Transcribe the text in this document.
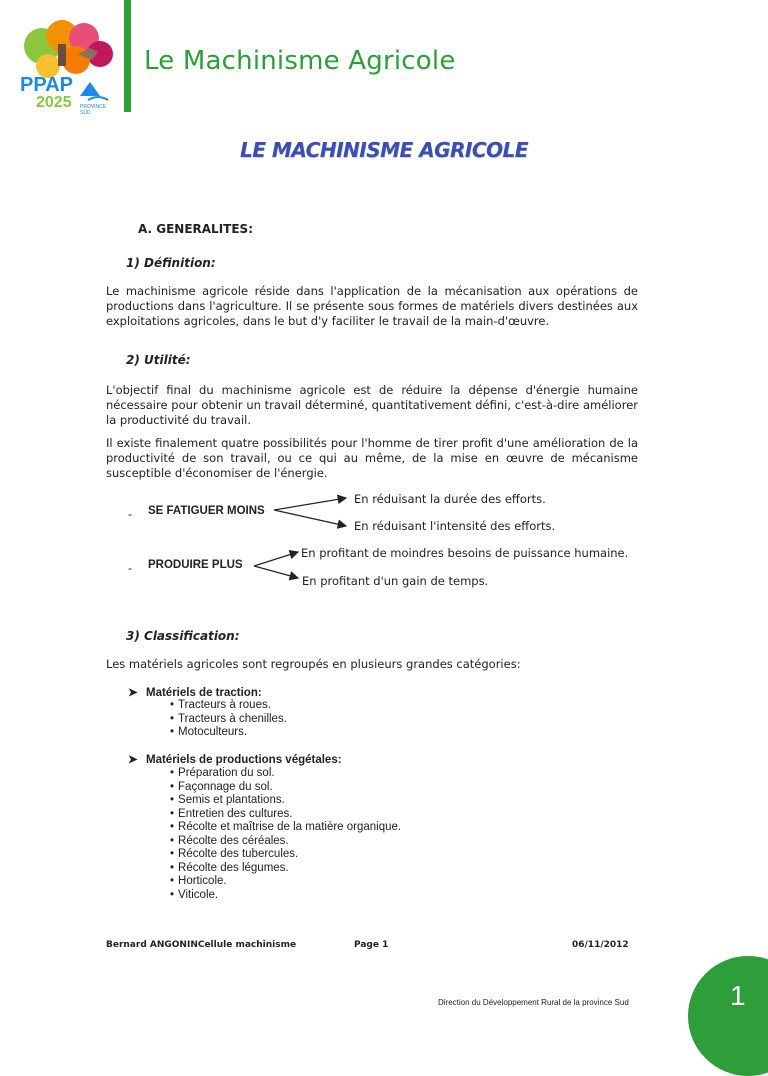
PPAP
2025 PROVINCE SUD
Le Machinisme Agricole
LE MACHINISME AGRICOLE
A. GENERALITES:
1) Définition:
Le machinisme agricole réside dans l'application de la mécanisation aux opérations de productions dans l'agriculture. Il se présente sous formes de matériels divers destinées aux exploitations agricoles, dans le but d'y faciliter le travail de la main-d'œuvre.
2) Utilité:
L'objectif final du machinisme agricole est de réduire la dépense d'énergie humaine nécessaire pour obtenir un travail déterminé, quantitativement défini, c'est-à-dire améliorer la productivité du travail.
Il existe finalement quatre possibilités pour l'homme de tirer profit d'une amélioration de la productivité de son travail, ou ce qui au même, de la mise en œuvre de mécanisme susceptible d'économiser de l'énergie.
- SE FATIGUER MOINS
En réduisant la durée des efforts.
En réduisant l'intensité des efforts.
- PRODUIRE PLUS
En profitant de moindres besoins de puissance humaine.
En profitant d'un gain de temps.
3) Classification:
Les matériels agricoles sont regroupés en plusieurs grandes catégories:
➤ Matériels de traction:
• Tracteurs à roues.
• Tracteurs à chenilles.
• Motoculteurs.
➤ Matériels de productions végétales:
• Préparation du sol.
• Façonnage du sol.
• Semis et plantations.
• Entretien des cultures.
• Récolte et maîtrise de la matière organique.
• Récolte des céréales.
• Récolte des tubercules.
• Récolte des légumes.
• Horticole.
• Viticole.
Bernard ANGONINCellule machinisme	Page 1	06/11/2012
Direction du Développement Rural de la province Sud	1
